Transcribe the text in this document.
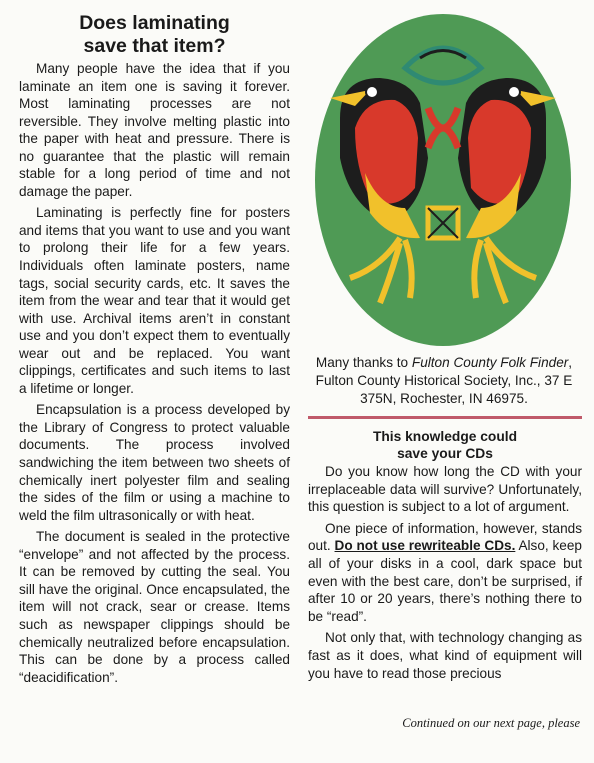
Does laminating
save that item?

Many people have the idea that if you laminate an item one is saving it forever. Most laminating processes are not reversible. They involve melting plastic into the paper with heat and pressure. There is no guarantee that the plastic will remain stable for a long period of time and not damage the paper.

Laminating is perfectly fine for posters and items that you want to use and you want to prolong their life for a few years. Individuals often laminate posters, name tags, social security cards, etc. It saves the item from the wear and tear that it would get with use. Archival items aren’t in constant use and you don’t expect them to eventually wear out and be replaced. You want clippings, certificates and such items to last a lifetime or longer.

Encapsulation is a process developed by the Library of Congress to protect valuable documents. The process involved sandwiching the item between two sheets of chemically inert polyester film and sealing the sides of the film or using a machine to weld the film ultrasonically or with heat.

The document is sealed in the protective “envelope” and not affected by the process. It can be removed by cutting the seal. You sill have the original. Once encapsulated, the item will not crack, sear or crease. Items such as newspaper clippings should be chemically neutralized before encapsulation. This can be done by a process called “deacidification”.

Many thanks to Fulton County Folk Finder, Fulton County Historical Society, Inc., 37 E 375N, Rochester, IN 46975.
This knowledge could
save your CDs

Do you know how long the CD with your irreplaceable data will survive? Unfortunately, this question is subject to a lot of argument.

One piece of information, however, stands out. Do not use rewriteable CDs. Also, keep all of your disks in a cool, dark space but even with the best care, don’t be surprised, if after 10 or 20 years, there’s nothing there to be “read”.

Not only that, with technology changing as fast as it does, what kind of equipment will you have to read those precious

Continued on our next page, please
